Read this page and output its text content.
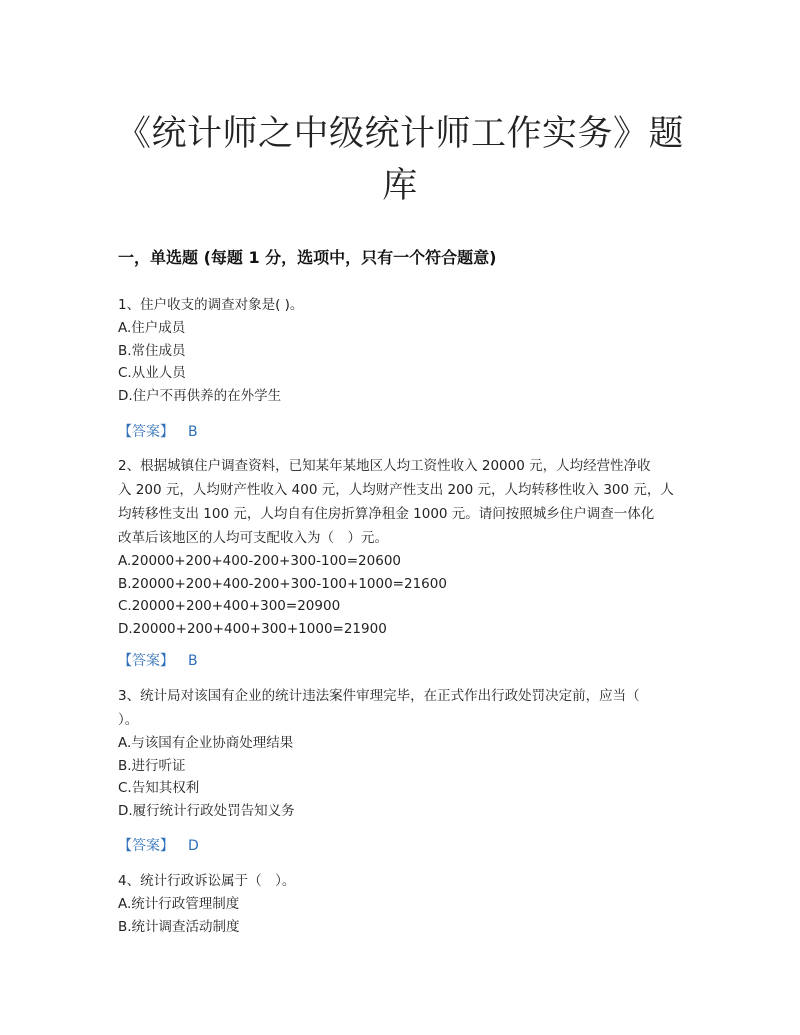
《统计师之中级统计师工作实务》题
库
一，单选题 (每题 1 分，选项中，只有一个符合题意)

1、住户收支的调查对象是( )。

A.住户成员
B.常住成员
C.从业人员
D.住户不再供养的在外学生
【答案】 B

2、根据城镇住户调查资料，已知某年某地区人均工资性收入 20000 元，人均经营性净收
入 200 元，人均财产性收入 400 元，人均财产性支出 200 元，人均转移性收入 300 元，人
均转移性支出 100 元，人均自有住房折算净租金 1000 元。请问按照城乡住户调查一体化
改革后该地区的人均可支配收入为（　）元。

A.20000+200+400-200+300-100=20600
B.20000+200+400-200+300-100+1000=21600
C.20000+200+400+300=20900
D.20000+200+400+300+1000=21900
【答案】 B

3、统计局对该国有企业的统计违法案件审理完毕，在正式作出行政处罚决定前，应当（
）。

A.与该国有企业协商处理结果
B.进行听证
C.告知其权利
D.履行统计行政处罚告知义务
【答案】 D

4、统计行政诉讼属于（　）。

A.统计行政管理制度
B.统计调查活动制度
